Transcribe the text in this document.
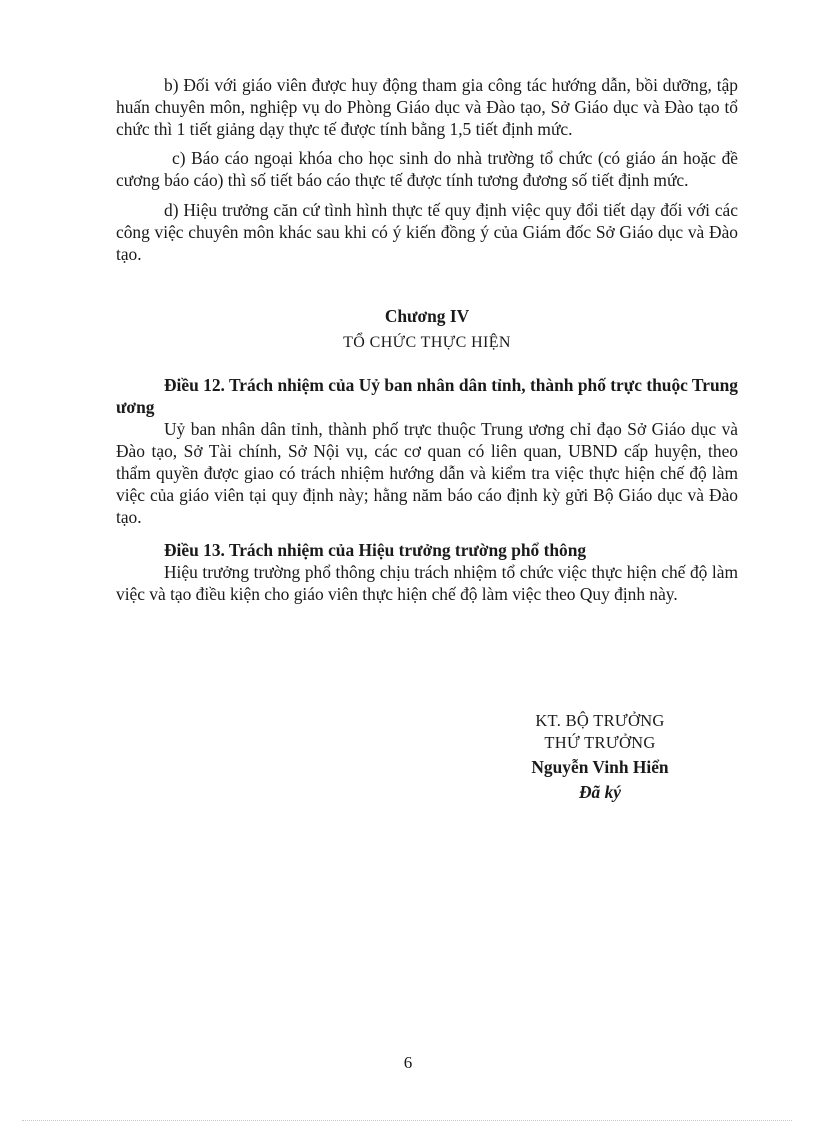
b) Đối với giáo viên được huy động tham gia công tác hướng dẫn, bồi dưỡng, tập huấn chuyên môn, nghiệp vụ do Phòng Giáo dục và Đào tạo, Sở Giáo dục và Đào tạo tổ chức thì 1 tiết giảng dạy thực tế được tính bằng 1,5 tiết định mức.

c) Báo cáo ngoại khóa cho học sinh do nhà trường tổ chức (có giáo án hoặc đề cương báo cáo) thì số tiết báo cáo thực tế được tính tương đương số tiết định mức.

d) Hiệu trưởng căn cứ tình hình thực tế quy định việc quy đổi tiết dạy đối với các công việc chuyên môn khác sau khi có ý kiến đồng ý của Giám đốc Sở Giáo dục và Đào tạo.

Chương IV
TỔ CHỨC THỰC HIỆN

Điều 12. Trách nhiệm của Uỷ ban nhân dân tỉnh, thành phố trực thuộc Trung ương

Uỷ ban nhân dân tỉnh, thành phố trực thuộc Trung ương chỉ đạo Sở Giáo dục và Đào tạo, Sở Tài chính, Sở Nội vụ, các cơ quan có liên quan, UBND cấp huyện, theo thẩm quyền được giao có trách nhiệm hướng dẫn và kiểm tra việc thực hiện chế độ làm việc của giáo viên tại quy định này; hằng năm báo cáo định kỳ gửi Bộ Giáo dục và Đào tạo.

Điều 13. Trách nhiệm của Hiệu trưởng trường phổ thông

Hiệu trưởng trường phổ thông chịu trách nhiệm tổ chức việc thực hiện chế độ làm việc và tạo điều kiện cho giáo viên thực hiện chế độ làm việc theo Quy định này.

KT. BỘ TRƯỞNG
THỨ TRƯỞNG
Nguyễn Vinh Hiển
Đã ký
6
